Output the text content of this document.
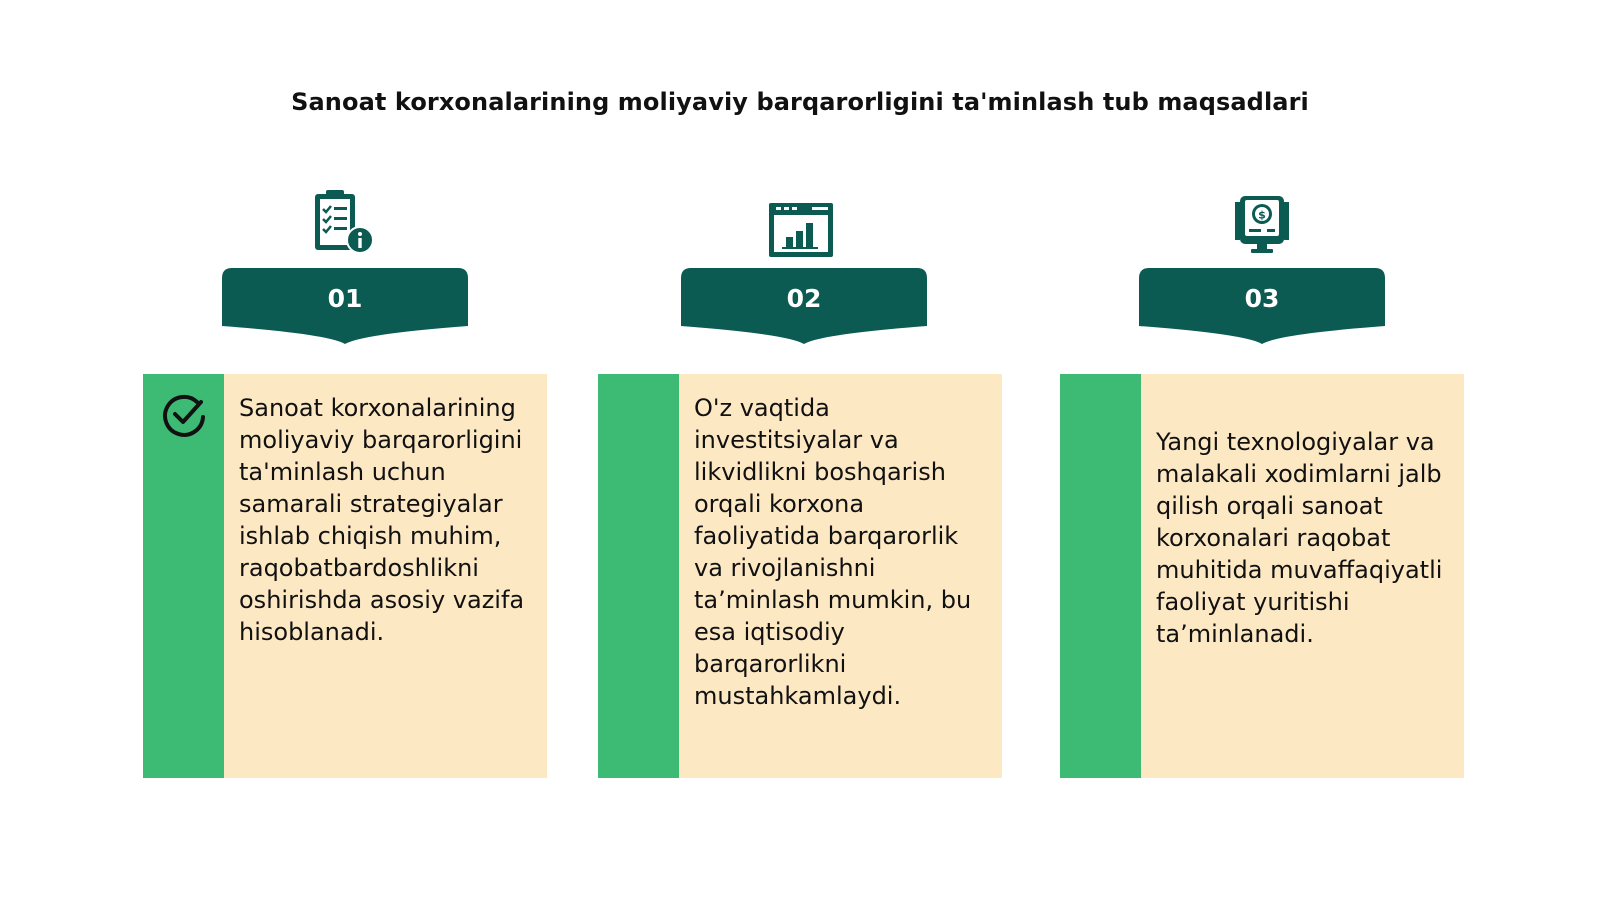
Sanoat korxonalarining moliyaviy barqarorligini ta'minlash tub maqsadlari
01
Sanoat korxonalarining moliyaviy barqarorligini ta'minlash uchun samarali strategiyalar ishlab chiqish muhim, raqobatbardoshlikni oshirishda asosiy vazifa hisoblanadi.
02
O'z vaqtida investitsiyalar va likvidlikni boshqarish orqali korxona faoliyatida barqarorlik va rivojlanishni ta’minlash mumkin, bu esa iqtisodiy barqarorlikni mustahkamlaydi.
$
03
Yangi texnologiyalar va malakali xodimlarni jalb qilish orqali sanoat korxonalari raqobat muhitida muvaffaqiyatli faoliyat yuritishi ta’minlanadi.
